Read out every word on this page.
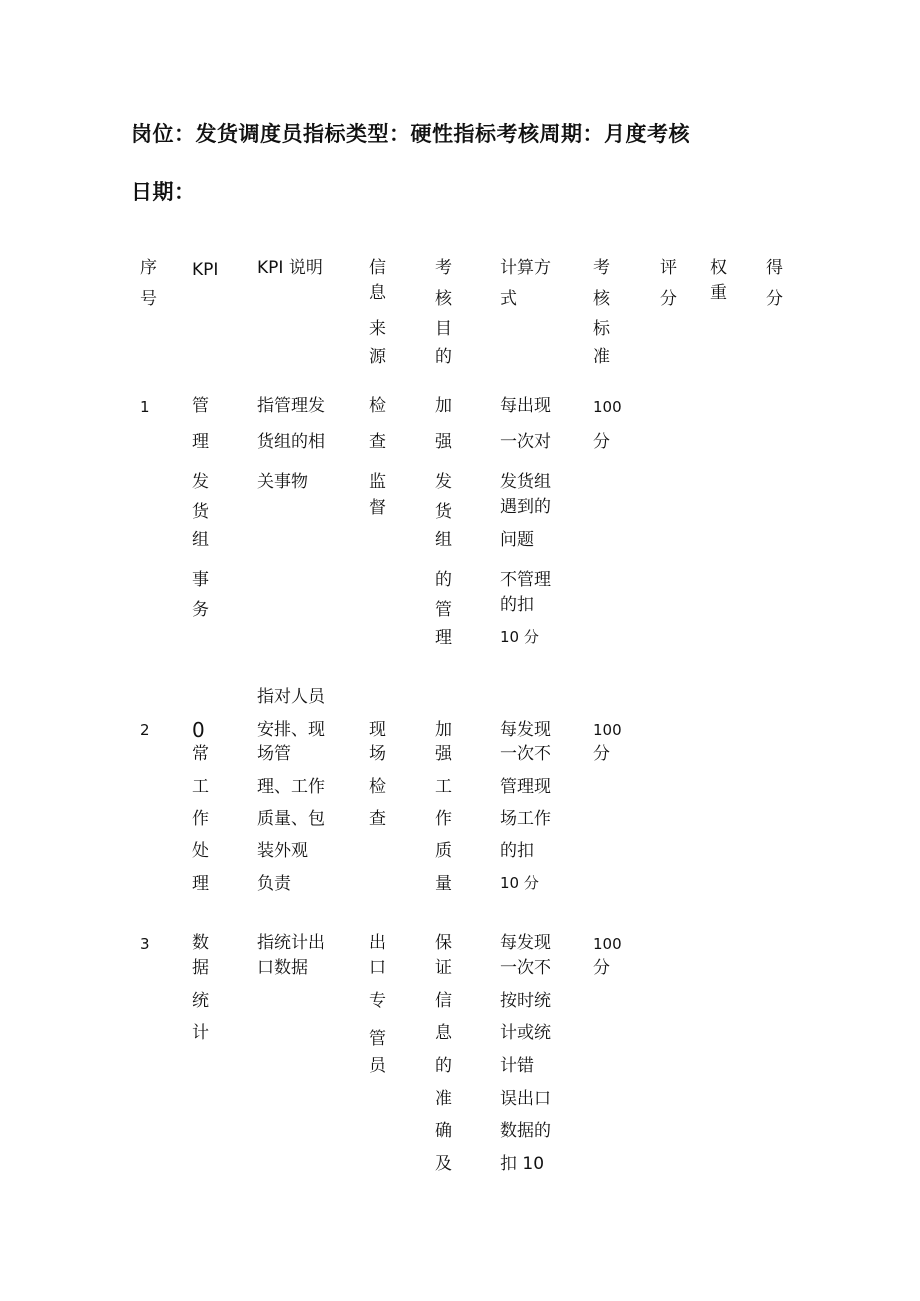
岗位：发货调度员指标类型：硬性指标考核周期：月度考核
日期：
序
号
KPI KPI 说明	信
息
来
源
考
核
目
的
计算方
式
考
核
标
准
评
分
权
重
得
分
1 管
理
发
货
组
事
务
指管理发
货组的相
关事物
检
查
监
督
加
强
发
货
组
的
管
理
每出现
一次对
发货组
遇到的
问题
不管理
的扣
10 分
100
分
2 0
常
工
作
处
理
指对人员
安排、现
场管
理、工作
质量、包
装外观
负责
现
场
检
查
加
强
工
作
质
量
每发现
一次不
管理现
场工作
的扣
10 分
100
分
3 数
据
统
计
指统计出
口数据
出
口
专
管
员
保
证
信
息
的
准
确
及
每发现
一次不
按时统
计或统
计错
误出口
数据的
扣 10
100
分
